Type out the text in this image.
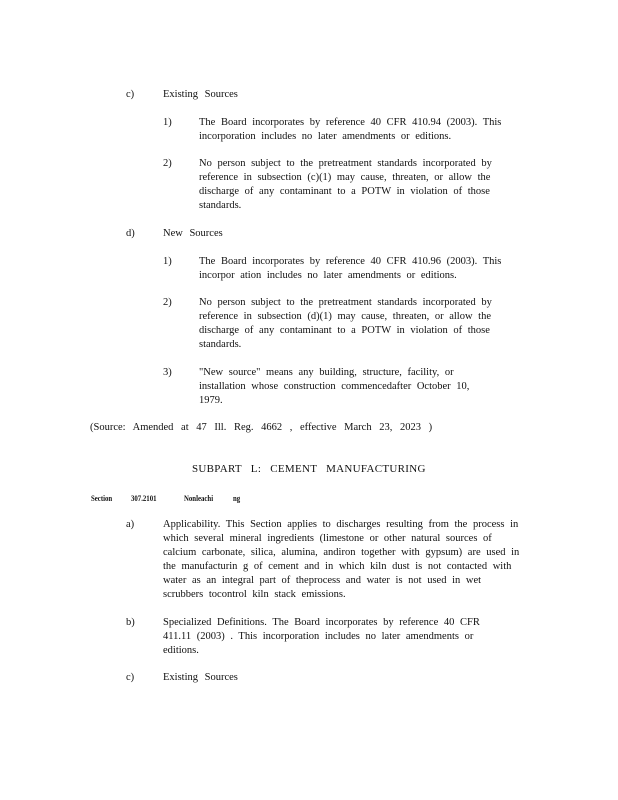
c)	Existing Sources
1)	The Board incorporates by reference 40 CFR 410.94 (2003). This incorporation includes no later amendments or editions.
2)	No person subject to the pretreatment standards incorporated by reference in subsection (c)(1) may cause, threaten, or allow the discharge of any contaminant to a POTW in violation of those standards.
d)	New Sources
1)	The Board incorporates by reference 40 CFR 410.96 (2003). This incorpor ation includes no later amendments or editions.
2)	No person subject to the pretreatment standards incorporated by reference in subsection (d)(1) may cause, threaten, or allow the discharge of any contaminant to a POTW in violation of those standards.
3)	"New source" means any building, structure, facility, or installation whose construction commencedafter October 10, 1979.
(Source: Amended at 47 Ill. Reg. 4662 , effective March 23, 2023 )
SUBPART L: CEMENT MANUFACTURING
Section 307.2101	Nonleachi ng
a)	Applicability. This Section applies to discharges resulting from the process in which several mineral ingredients (limestone or other natural sources of calcium carbonate, silica, alumina, andiron together with gypsum) are used in the manufacturin g of cement and in which kiln dust is not contacted with water as an integral part of theprocess and water is not used in wet scrubbers tocontrol kiln stack emissions.
b)	Specialized Definitions. The Board incorporates by reference 40 CFR 411.11 (2003) . This incorporation includes no later amendments or editions.
c)	Existing Sources
